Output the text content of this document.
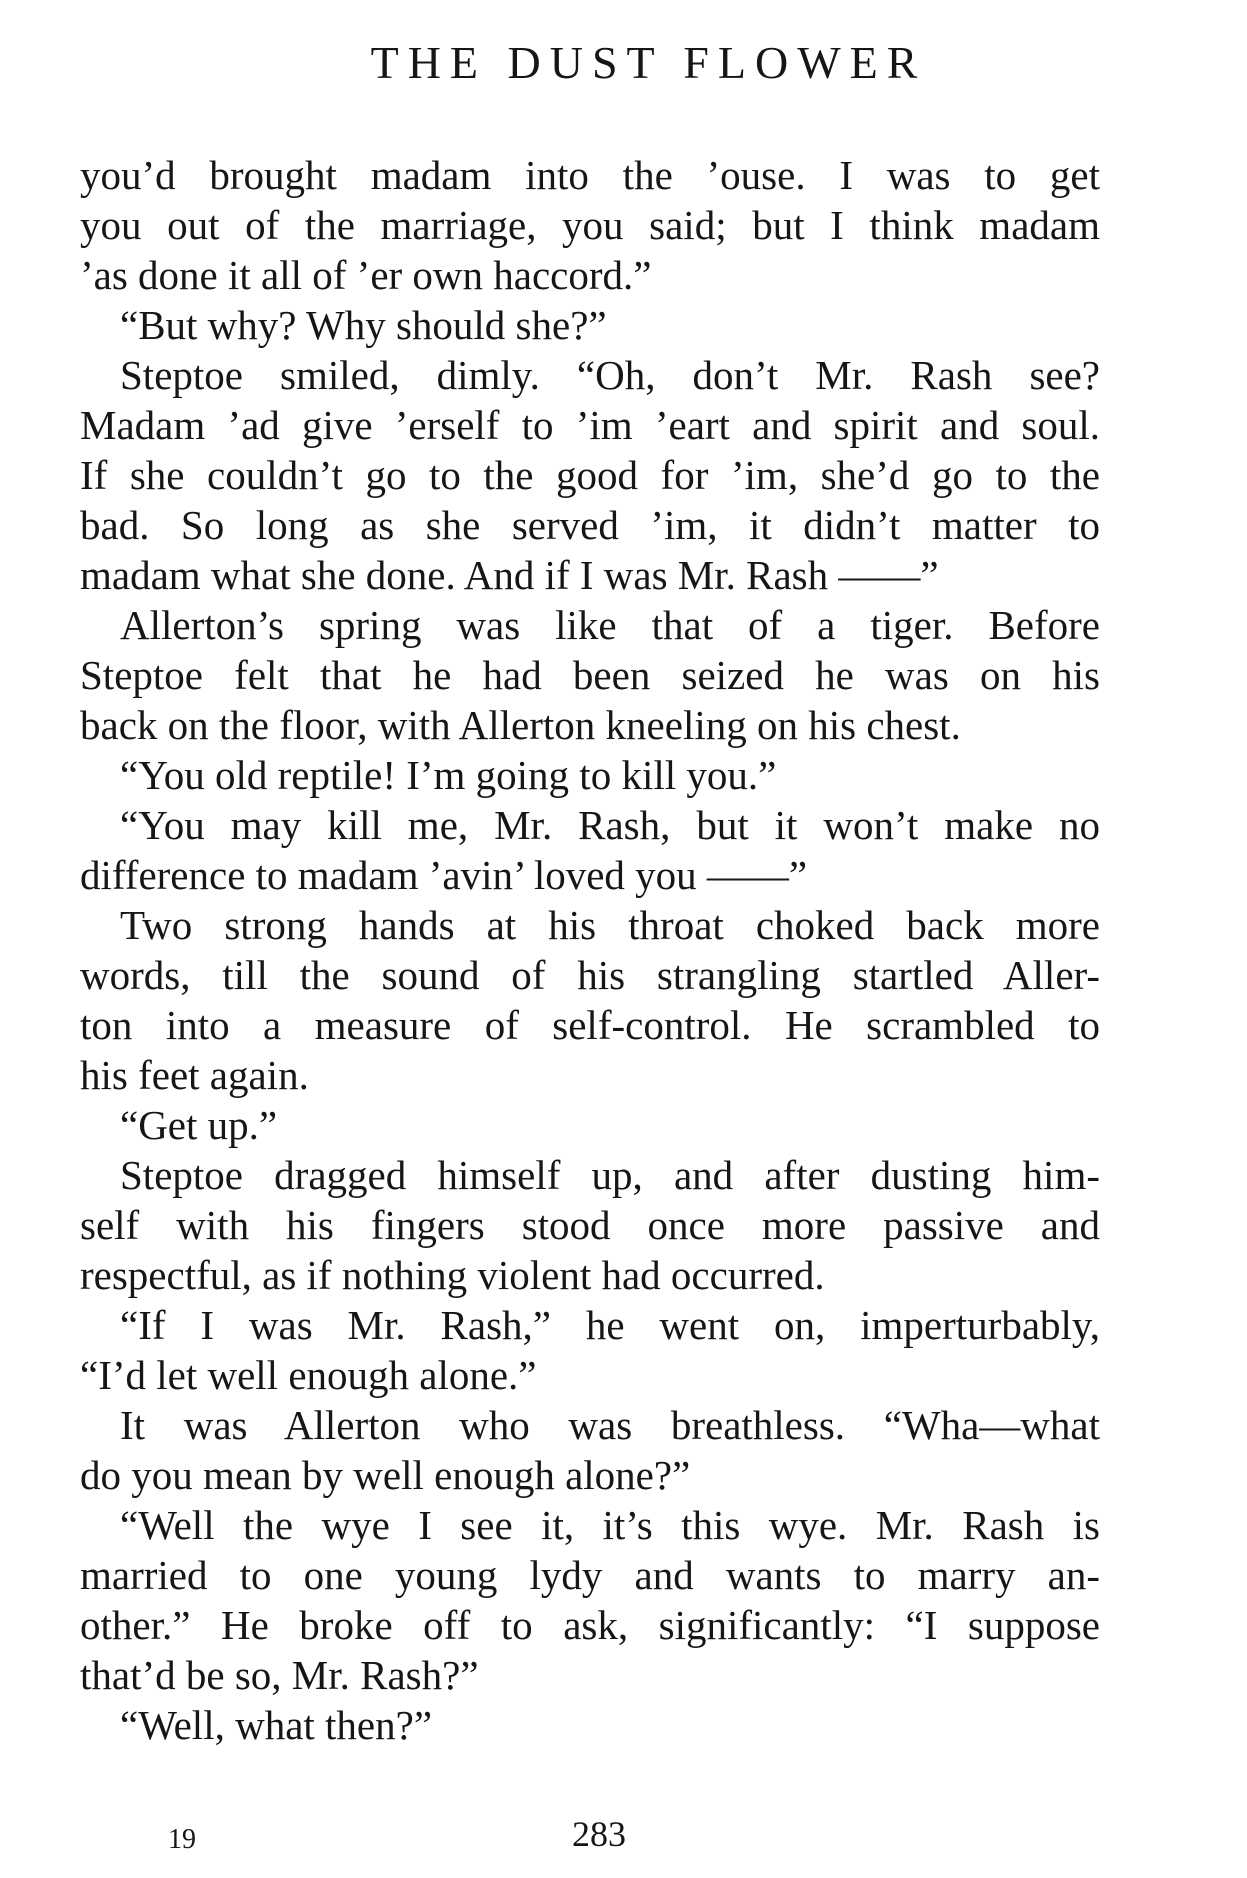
THE DUST FLOWER
you’d brought madam into the ’ouse. I was to get
you out of the marriage, you said; but I think madam
’as done it all of ’er own haccord.”
“But why? Why should she?”
Steptoe smiled, dimly. “Oh, don’t Mr. Rash see?
Madam ’ad give ’erself to ’im ’eart and spirit and soul.
If she couldn’t go to the good for ’im, she’d go to the
bad. So long as she served ’im, it didn’t matter to
madam what she done. And if I was Mr. Rash ——”
Allerton’s spring was like that of a tiger. Before
Steptoe felt that he had been seized he was on his
back on the floor, with Allerton kneeling on his chest.
“You old reptile! I’m going to kill you.”
“You may kill me, Mr. Rash, but it won’t make no
difference to madam ’avin’ loved you ——”
Two strong hands at his throat choked back more
words, till the sound of his strangling startled Aller-
ton into a measure of self-control. He scrambled to
his feet again.
“Get up.”
Steptoe dragged himself up, and after dusting him-
self with his fingers stood once more passive and
respectful, as if nothing violent had occurred.
“If I was Mr. Rash,” he went on, imperturbably,
“I’d let well enough alone.”
It was Allerton who was breathless. “Wha—what
do you mean by well enough alone?”
“Well the wye I see it, it’s this wye. Mr. Rash is
married to one young lydy and wants to marry an-
other.” He broke off to ask, significantly: “I suppose
that’d be so, Mr. Rash?”
“Well, what then?”
19	283
